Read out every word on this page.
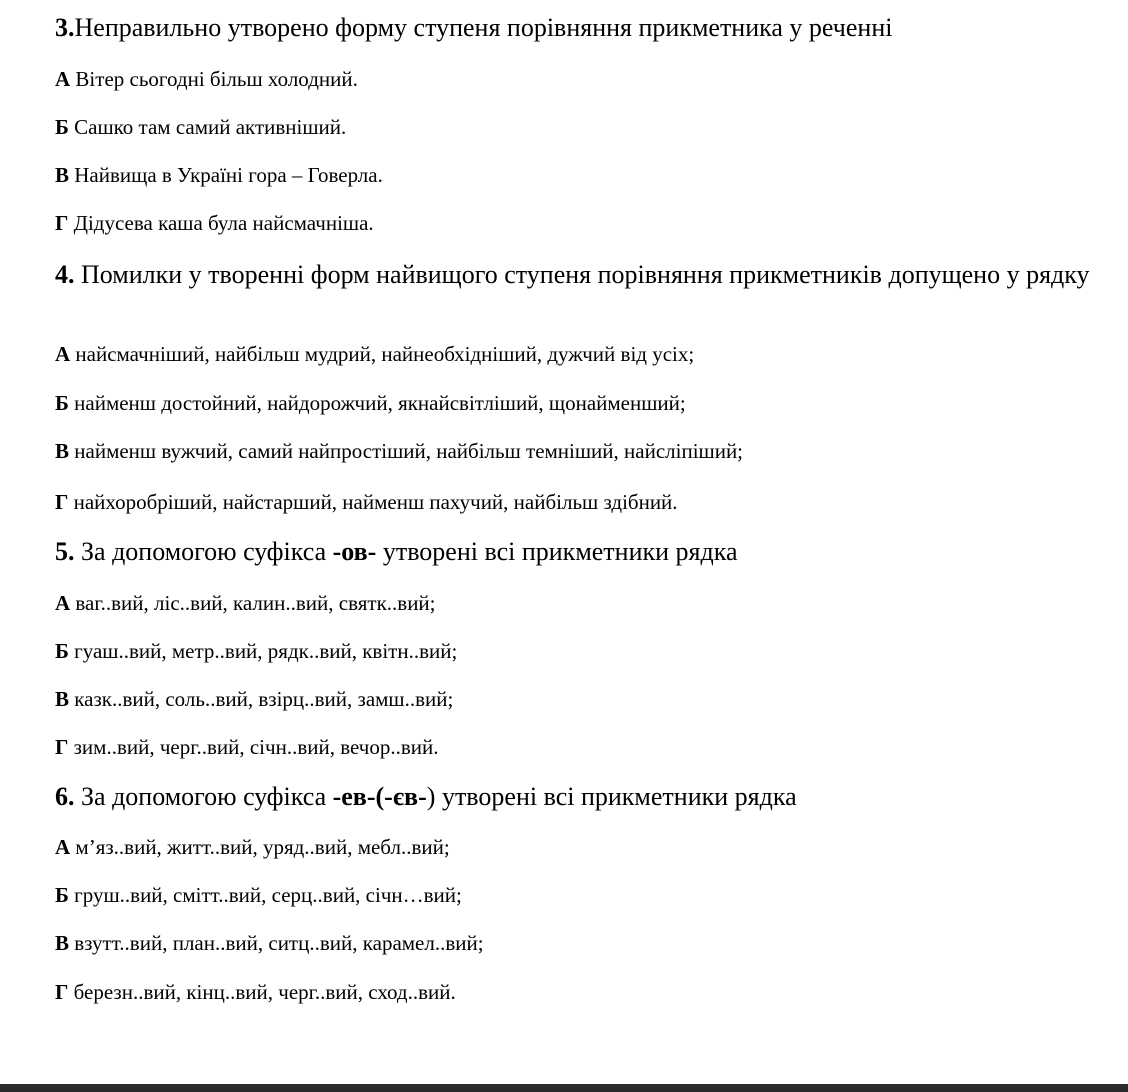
3.Неправильно утворено форму ступеня порівняння прикметника у реченні
А Вітер сьогодні більш холодний.
Б Сашко там самий активніший.
В Найвища в Україні гора – Говерла.
Г Дідусева каша була найсмачніша.
4. Помилки у творенні форм найвищого ступеня порівняння прикметників допущено у рядку
А найсмачніший, найбільш мудрий, найнеобхідніший, дужчий від усіх;
Б найменш достойний, найдорожчий, якнайсвітліший, щонайменший;
В найменш вужчий, самий найпростіший, найбільш темніший, найсліпіший;
Г найхоробріший, найстарший, найменш пахучий, найбільш здібний.
5. За допомогою суфікса -ов- утворені всі прикметники рядка
А ваг..вий, ліс..вий, калин..вий, святк..вий;
Б гуаш..вий, метр..вий, рядк..вий, квітн..вий;
В казк..вий, соль..вий, взірц..вий, замш..вий;
Г зим..вий, черг..вий, січн..вий, вечор..вий.
6. За допомогою суфікса -ев-(-єв-) утворені всі прикметники рядка
А м’яз..вий, житт..вий, уряд..вий, мебл..вий;
Б груш..вий, смітт..вий, серц..вий, січн…вий;
В взутт..вий, план..вий, ситц..вий, карамел..вий;
Г березн..вий, кінц..вий, черг..вий, сход..вий.
